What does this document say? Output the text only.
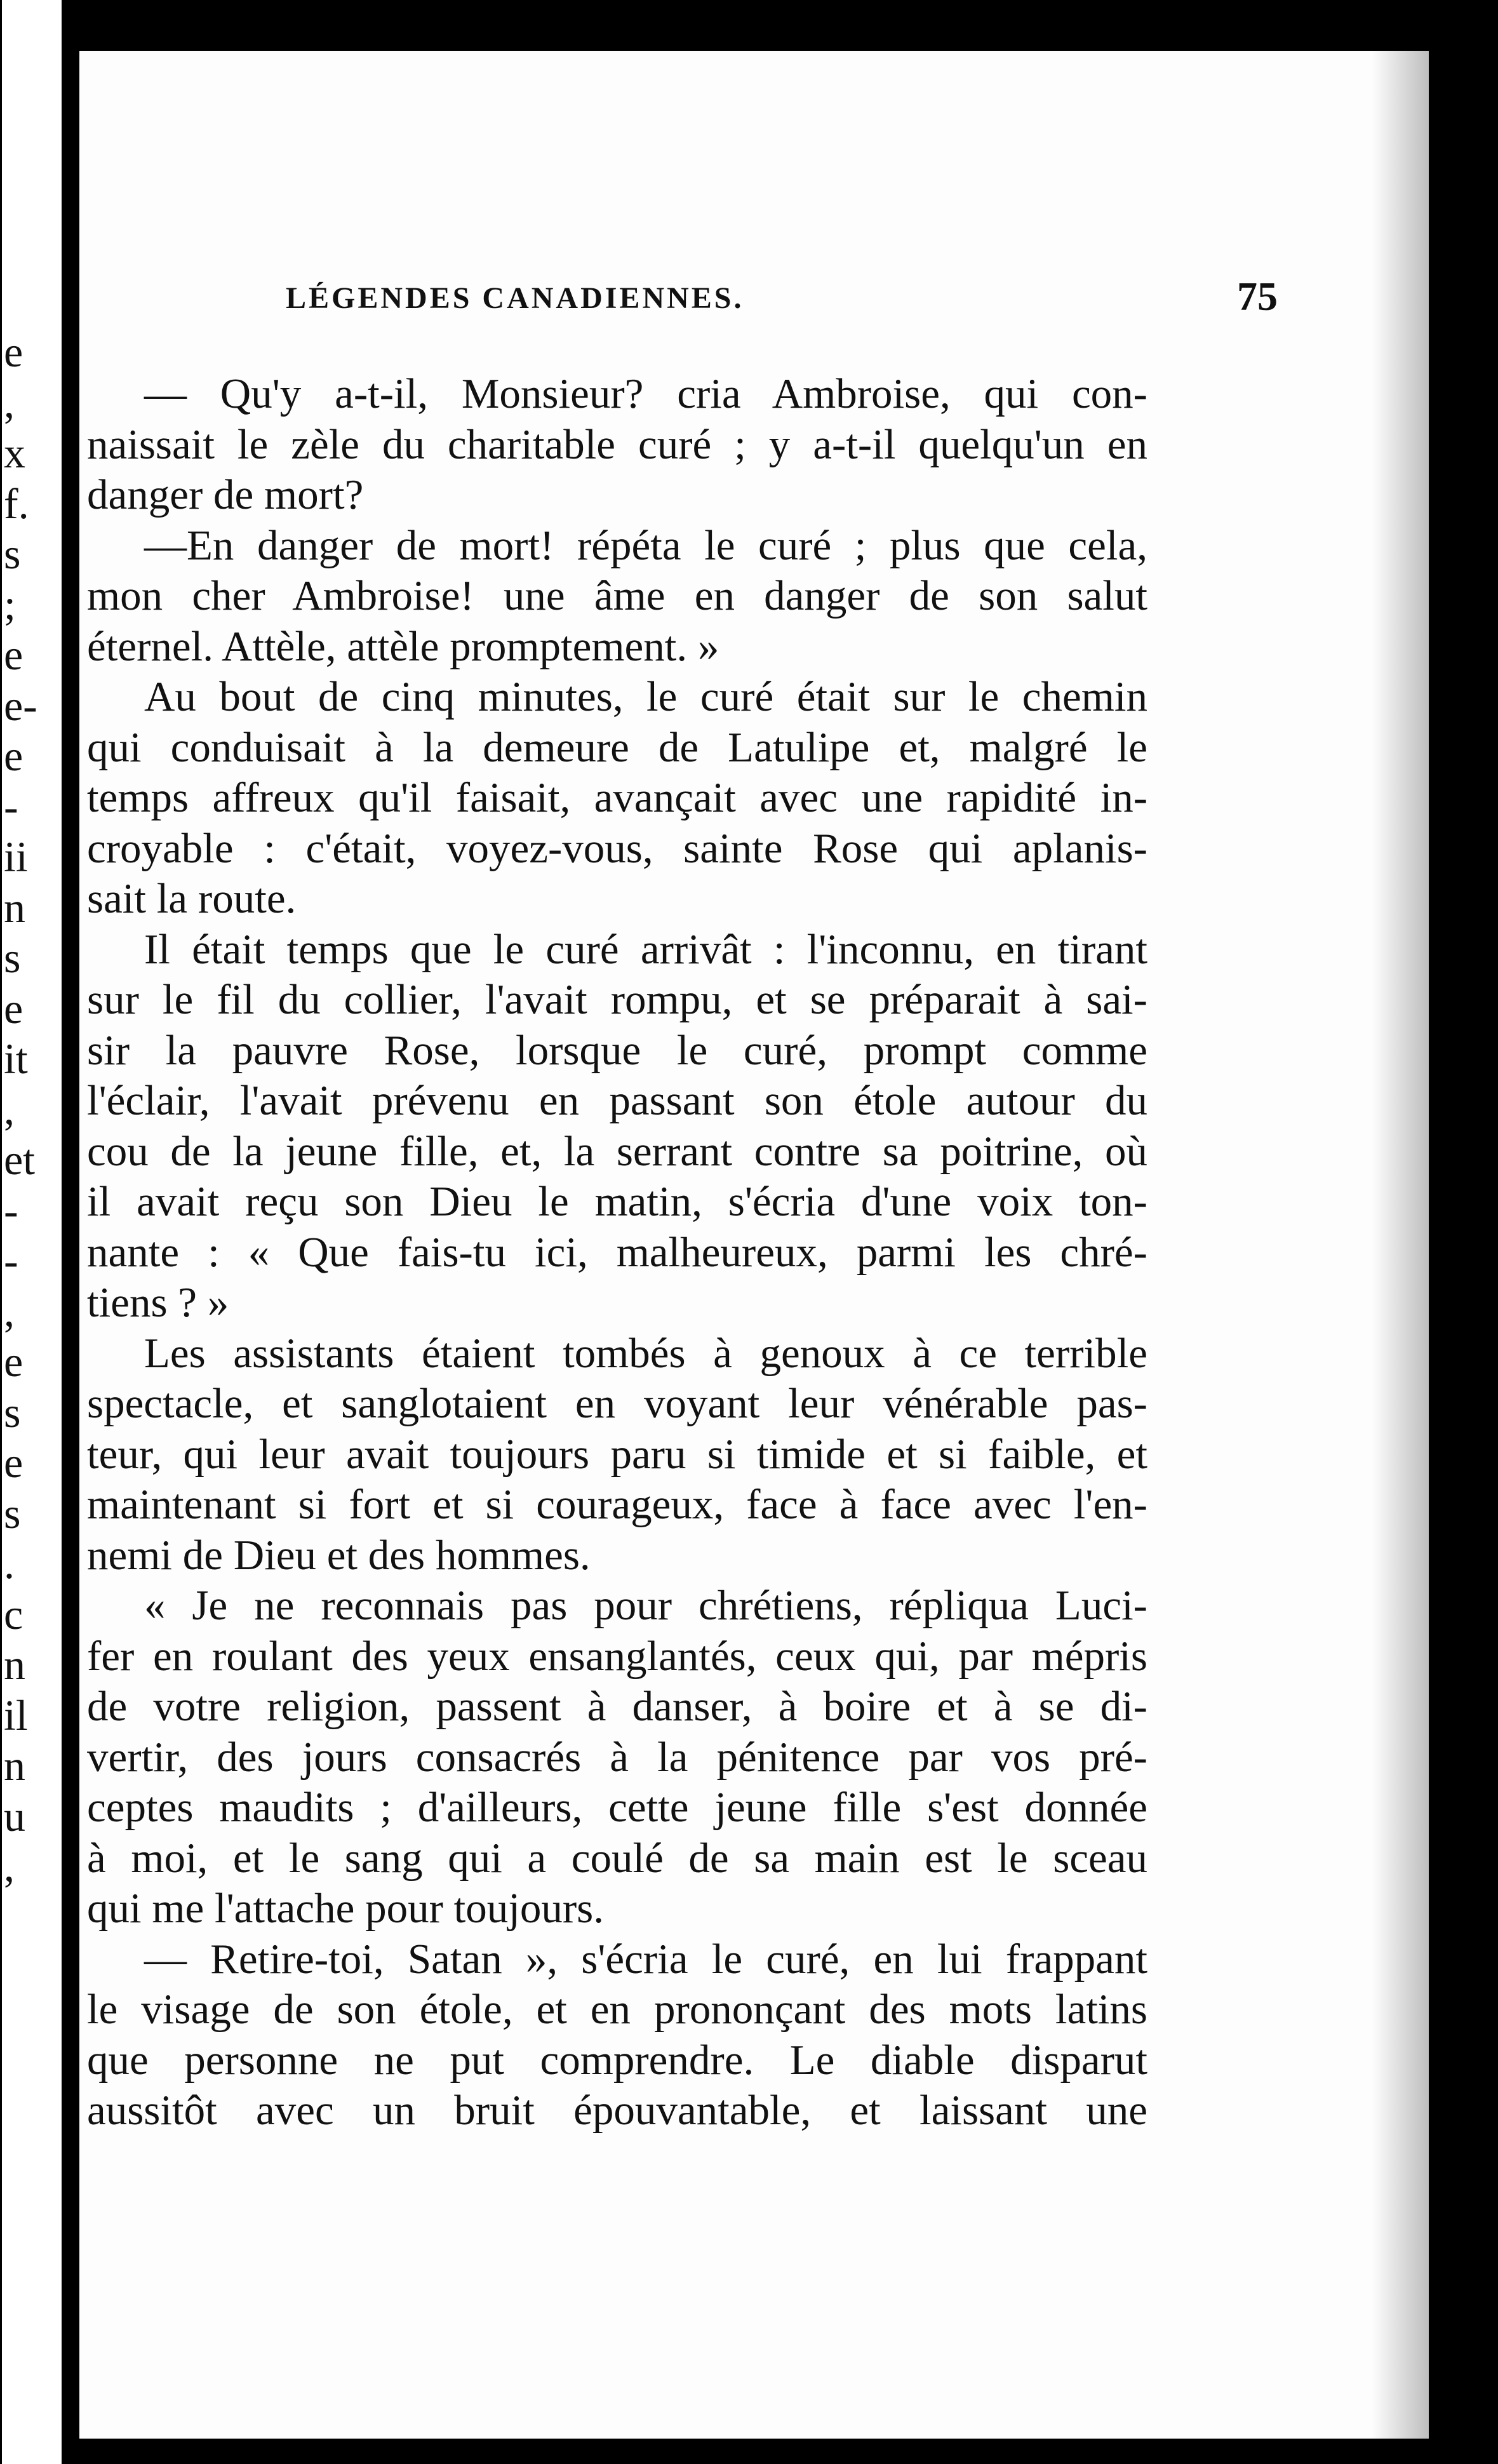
e
,
x
f.
s
;
e
e-
e
-
ii
n
s
e
it
,
et
-
-
,
e
s
e
s
.
c
n
il
n
u
,
LÉGENDES CANADIENNES.	75
— Qu'y a-t-il, Monsieur? cria Ambroise, qui con-
naissait le zèle du charitable curé ; y a-t-il quelqu'un en
danger de mort?
—En danger de mort! répéta le curé ; plus que cela,
mon cher Ambroise! une âme en danger de son salut
éternel. Attèle, attèle promptement. »
Au bout de cinq minutes, le curé était sur le chemin
qui conduisait à la demeure de Latulipe et, malgré le
temps affreux qu'il faisait, avançait avec une rapidité in-
croyable : c'était, voyez-vous, sainte Rose qui aplanis-
sait la route.
Il était temps que le curé arrivât : l'inconnu, en tirant
sur le fil du collier, l'avait rompu, et se préparait à sai-
sir la pauvre Rose, lorsque le curé, prompt comme
l'éclair, l'avait prévenu en passant son étole autour du
cou de la jeune fille, et, la serrant contre sa poitrine, où
il avait reçu son Dieu le matin, s'écria d'une voix ton-
nante : « Que fais-tu ici, malheureux, parmi les chré-
tiens ? »
Les assistants étaient tombés à genoux à ce terrible
spectacle, et sanglotaient en voyant leur vénérable pas-
teur, qui leur avait toujours paru si timide et si faible, et
maintenant si fort et si courageux, face à face avec l'en-
nemi de Dieu et des hommes.
« Je ne reconnais pas pour chrétiens, répliqua Luci-
fer en roulant des yeux ensanglantés, ceux qui, par mépris
de votre religion, passent à danser, à boire et à se di-
vertir, des jours consacrés à la pénitence par vos pré-
ceptes maudits ; d'ailleurs, cette jeune fille s'est donnée
à moi, et le sang qui a coulé de sa main est le sceau
qui me l'attache pour toujours.
— Retire-toi, Satan », s'écria le curé, en lui frappant
le visage de son étole, et en prononçant des mots latins
que personne ne put comprendre. Le diable disparut
aussitôt avec un bruit épouvantable, et laissant une
